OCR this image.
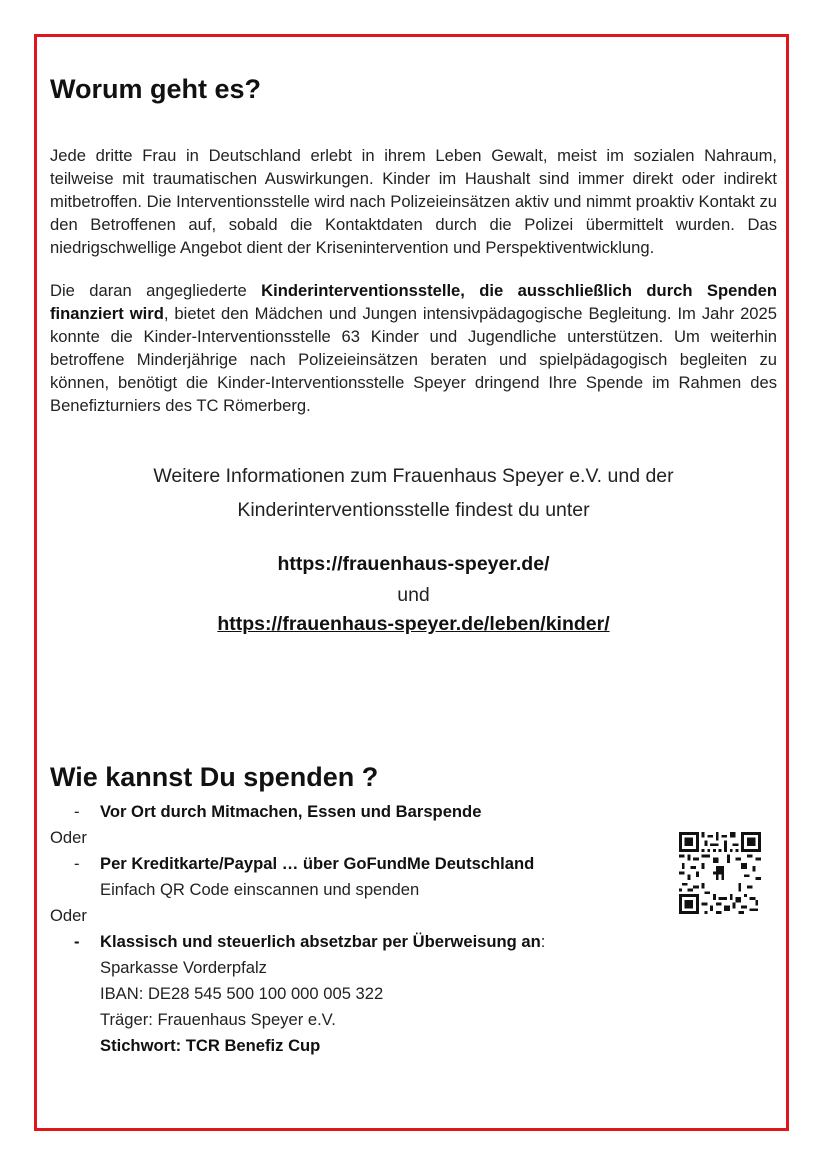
Worum geht es?

Jede dritte Frau in Deutschland erlebt in ihrem Leben Gewalt, meist im sozialen Nahraum, teilweise mit traumatischen Auswirkungen. Kinder im Haushalt sind immer direkt oder indirekt mitbetroffen. Die Interventionsstelle wird nach Polizeieinsätzen aktiv und nimmt proaktiv Kontakt zu den Betroffenen auf, sobald die Kontaktdaten durch die Polizei übermittelt wurden. Das niedrigschwellige Angebot dient der Krisenintervention und Perspektiventwicklung.

Die daran angegliederte Kinderinterventionsstelle, die ausschließlich durch Spenden finanziert wird, bietet den Mädchen und Jungen intensivpädagogische Begleitung. Im Jahr 2025 konnte die Kinder-Interventionsstelle 63 Kinder und Jugendliche unterstützen. Um weiterhin betroffene Minderjährige nach Polizeieinsätzen beraten und spielpädagogisch begleiten zu können, benötigt die Kinder-Interventionsstelle Speyer dringend Ihre Spende im Rahmen des Benefizturniers des TC Römerberg.

Weitere Informationen zum Frauenhaus Speyer e.V. und der
Kinderinterventionsstelle findest du unter
https://frauenhaus-speyer.de/
und
https://frauenhaus-speyer.de/leben/kinder/
Wie kannst Du spenden ?
- Vor Ort durch Mitmachen, Essen und Barspende
Oder
- Per Kreditkarte/Paypal … über GoFundMe Deutschland
Einfach QR Code einscannen und spenden
Oder
- Klassisch und steuerlich absetzbar per Überweisung an:
Sparkasse Vorderpfalz
IBAN: DE28 545 500 100 000 005 322
Träger: Frauenhaus Speyer e.V.
Stichwort: TCR Benefiz Cup
